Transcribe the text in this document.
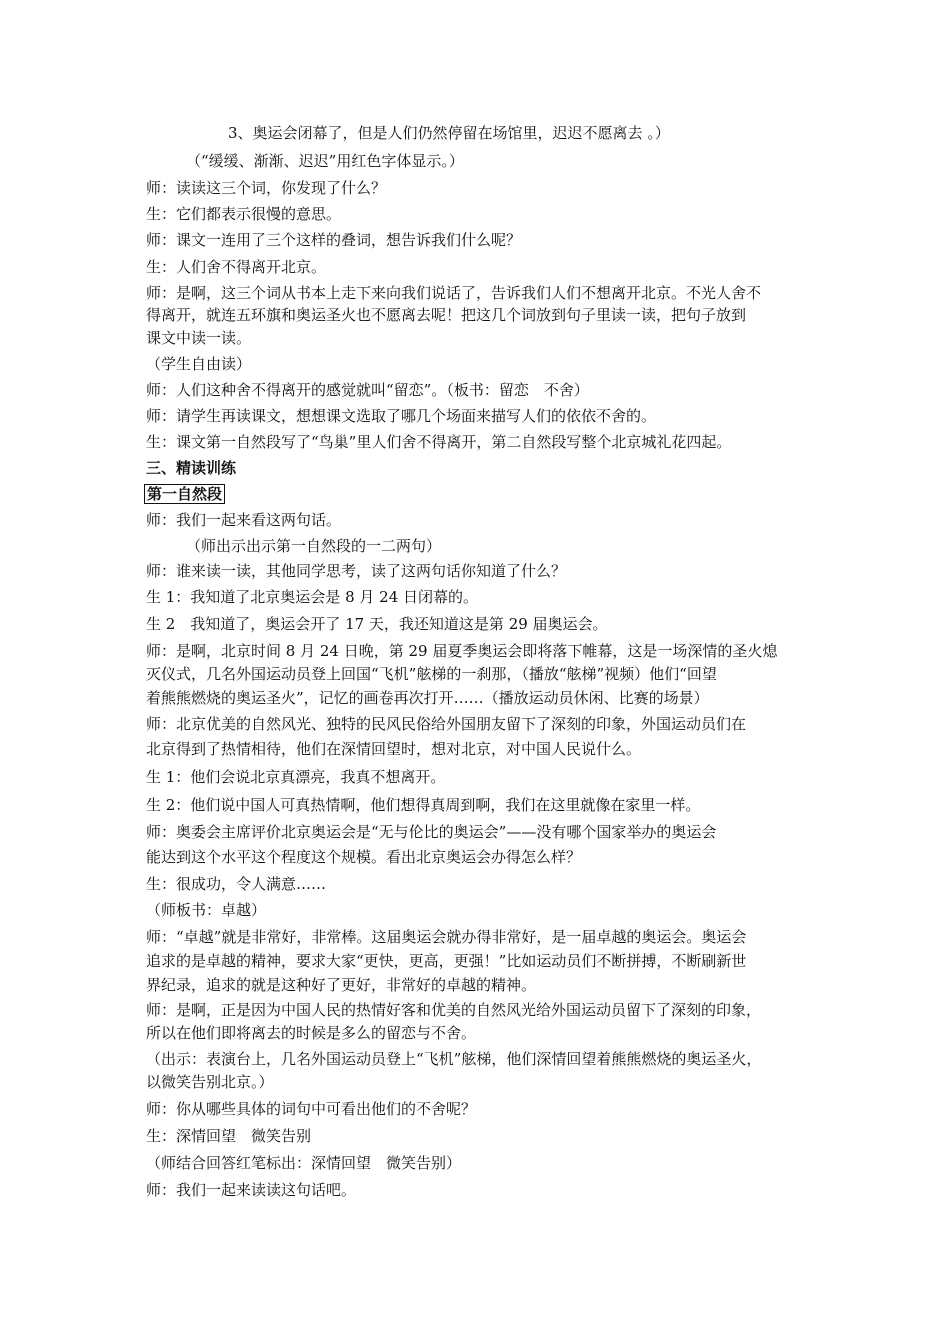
3、奥运会闭幕了，但是人们仍然停留在场馆里，迟迟不愿离去 。）
（“缓缓、渐渐、迟迟”用红色字体显示。）
师：读读这三个词，你发现了什么？
生：它们都表示很慢的意思。
师：课文一连用了三个这样的叠词，想告诉我们什么呢？
生：人们舍不得离开北京。
师：是啊，这三个词从书本上走下来向我们说话了，告诉我们人们不想离开北京。不光人舍不
得离开，就连五环旗和奥运圣火也不愿离去呢！把这几个词放到句子里读一读，把句子放到
课文中读一读。
（学生自由读）
师：人们这种舍不得离开的感觉就叫“留恋”。（板书：留恋　不舍）
师：请学生再读课文，想想课文选取了哪几个场面来描写人们的依依不舍的。
生：课文第一自然段写了“鸟巢”里人们舍不得离开，第二自然段写整个北京城礼花四起。
三、精读训练
第一自然段
师：我们一起来看这两句话。
（师出示出示第一自然段的一二两句）
师：谁来读一读，其他同学思考，读了这两句话你知道了什么？
生 1：我知道了北京奥运会是 8 月 24 日闭幕的。
生 2　我知道了，奥运会开了 17 天，我还知道这是第 29 届奥运会。
师：是啊，北京时间 8 月 24 日晚，第 29 届夏季奥运会即将落下帷幕，这是一场深情的圣火熄
灭仪式，几名外国运动员登上回国“飞机”舷梯的一刹那，（播放“舷梯”视频）他们“回望
着熊熊燃烧的奥运圣火”，记忆的画卷再次打开……（播放运动员休闲、比赛的场景）
师：北京优美的自然风光、独特的民风民俗给外国朋友留下了深刻的印象，外国运动员们在
北京得到了热情相待，他们在深情回望时，想对北京，对中国人民说什么。
生 1：他们会说北京真漂亮，我真不想离开。
生 2：他们说中国人可真热情啊，他们想得真周到啊，我们在这里就像在家里一样。
师：奥委会主席评价北京奥运会是“无与伦比的奥运会”——没有哪个国家举办的奥运会
能达到这个水平这个程度这个规模。看出北京奥运会办得怎么样？
生：很成功，令人满意……
（师板书：卓越）
师：“卓越”就是非常好，非常棒。这届奥运会就办得非常好，是一届卓越的奥运会。奥运会
追求的是卓越的精神，要求大家“更快，更高，更强！”比如运动员们不断拼搏，不断刷新世
界纪录，追求的就是这种好了更好，非常好的卓越的精神。
师：是啊，正是因为中国人民的热情好客和优美的自然风光给外国运动员留下了深刻的印象，
所以在他们即将离去的时候是多么的留恋与不舍。
（出示：表演台上，几名外国运动员登上“飞机”舷梯，他们深情回望着熊熊燃烧的奥运圣火，
以微笑告别北京。）
师：你从哪些具体的词句中可看出他们的不舍呢？
生：深情回望　微笑告别
（师结合回答红笔标出：深情回望　微笑告别）
师：我们一起来读读这句话吧。
